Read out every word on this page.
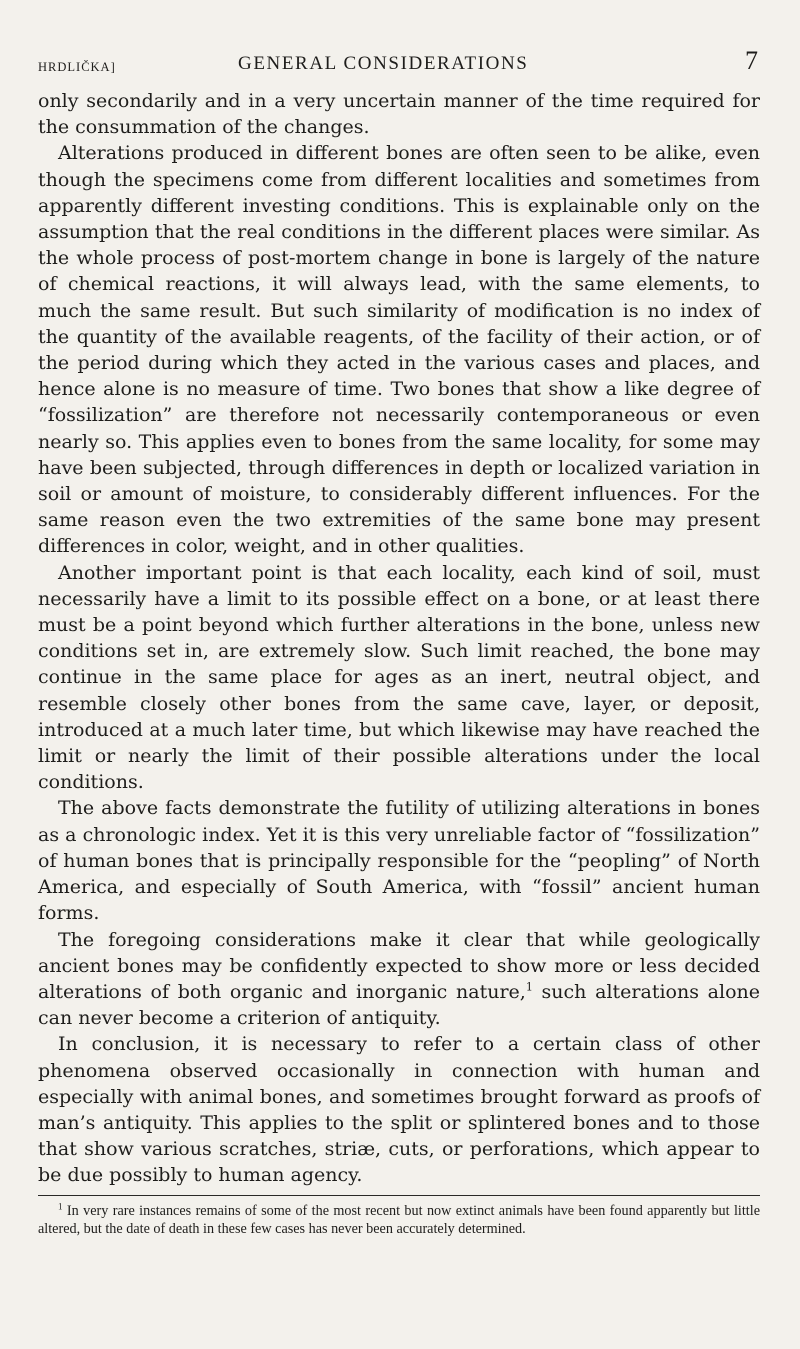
HRDLIČKA]	GENERAL CONSIDERATIONS	7

only secondarily and in a very uncertain manner of the time required for the consummation of the changes.

Alterations produced in different bones are often seen to be alike, even though the specimens come from different localities and sometimes from apparently different investing conditions. This is explainable only on the assumption that the real conditions in the different places were similar. As the whole process of post-mortem change in bone is largely of the nature of chemical reactions, it will always lead, with the same elements, to much the same result. But such similarity of modification is no index of the quantity of the available reagents, of the facility of their action, or of the period during which they acted in the various cases and places, and hence alone is no measure of time. Two bones that show a like degree of “fossilization” are therefore not necessarily contemporaneous or even nearly so. This applies even to bones from the same locality, for some may have been subjected, through differences in depth or localized variation in soil or amount of moisture, to considerably different influences. For the same reason even the two extremities of the same bone may present differences in color, weight, and in other qualities.

Another important point is that each locality, each kind of soil, must necessarily have a limit to its possible effect on a bone, or at least there must be a point beyond which further alterations in the bone, unless new conditions set in, are extremely slow. Such limit reached, the bone may continue in the same place for ages as an inert, neutral object, and resemble closely other bones from the same cave, layer, or deposit, introduced at a much later time, but which likewise may have reached the limit or nearly the limit of their possible alterations under the local conditions.

The above facts demonstrate the futility of utilizing alterations in bones as a chronologic index. Yet it is this very unreliable factor of “fossilization” of human bones that is principally responsible for the “peopling” of North America, and especially of South America, with “fossil” ancient human forms.

The foregoing considerations make it clear that while geologically ancient bones may be confidently expected to show more or less decided alterations of both organic and inorganic nature,$^1$ such alterations alone can never become a criterion of antiquity.

In conclusion, it is necessary to refer to a certain class of other phenomena observed occasionally in connection with human and especially with animal bones, and sometimes brought forward as proofs of man’s antiquity. This applies to the split or splintered bones and to those that show various scratches, striæ, cuts, or perforations, which appear to be due possibly to human agency.

$^1$ In very rare instances remains of some of the most recent but now extinct animals have been found apparently but little altered, but the date of death in these few cases has never been accurately determined.
